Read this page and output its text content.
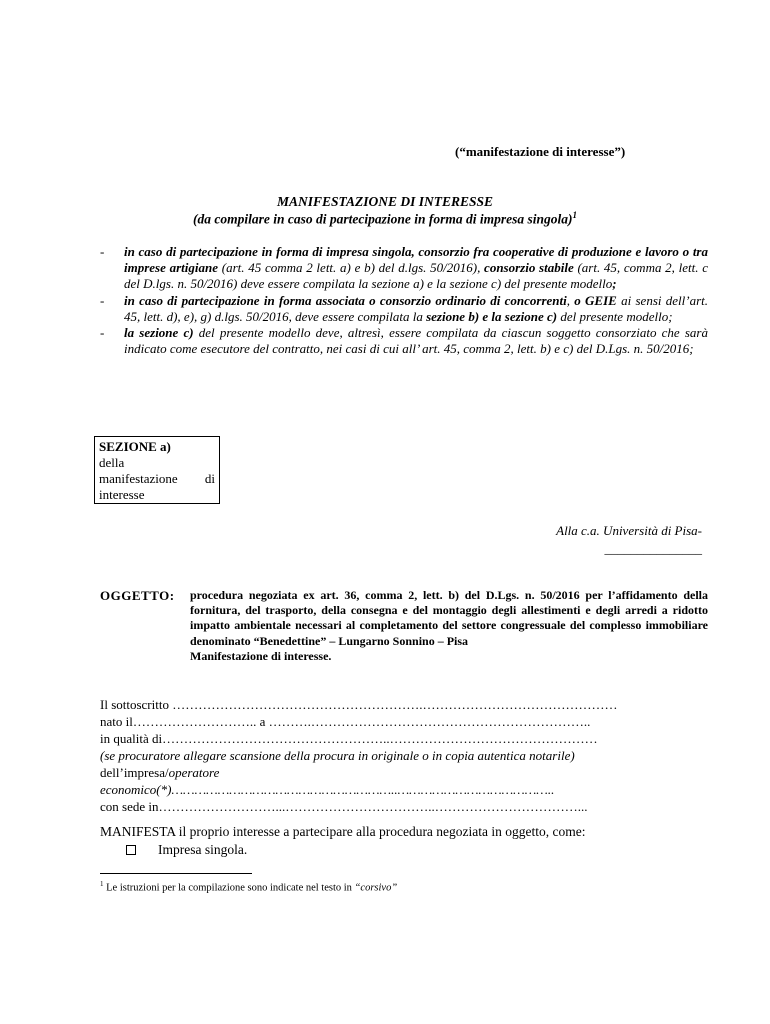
(“manifestazione di interesse”)
MANIFESTAZIONE DI INTERESSE
(da compilare in caso di partecipazione in forma di impresa singola)$^1$
-	in caso di partecipazione in forma di impresa singola, consorzio fra cooperative di produzione e lavoro o tra imprese artigiane (art. 45 comma 2 lett. a) e b) del d.lgs. 50/2016), consorzio stabile (art. 45, comma 2, lett. c del D.lgs. n. 50/2016) deve essere compilata la sezione a) e la sezione c) del presente modello;
-	in caso di partecipazione in forma associata o consorzio ordinario di concorrenti, o GEIE ai sensi dell’art. 45, lett. d), e), g) d.lgs. 50/2016, deve essere compilata la sezione b) e la sezione c) del presente modello;
-	la sezione c) del presente modello deve, altresì, essere compilata da ciascun soggetto consorziato che sarà indicato come esecutore del contratto, nei casi di cui all’ art. 45, comma 2, lett. b) e c) del D.Lgs. n. 50/2016;
SEZIONE a)
della
manifestazione di
interesse
Alla c.a. Università di Pisa-
_______________
OGGETTO: procedura negoziata ex art. 36, comma 2, lett. b) del D.Lgs. n. 50/2016 per l’affidamento della fornitura, del trasporto, della consegna e del montaggio degli allestimenti e degli arredi a ridotto impatto ambientale necessari al completamento del settore congressuale del complesso immobiliare denominato “Benedettine” – Lungarno Sonnino – Pisa
Manifestazione di interesse.
Il sottoscritto ………………………………………………….………………………………………
nato il……………………….. a ……….………………………………………………………..
in qualità di……………………………………………..…………………………………………
(se procuratore allegare scansione della procura in originale o in copia autentica notarile)
dell’impresa/operatore
economico(*)…………………………………………………..…………………………………..
con sede in………………………...……………………………..……………………………...
MANIFESTA il proprio interesse a partecipare alla procedura negoziata in oggetto, come:
Impresa singola.
$^1$ Le istruzioni per la compilazione sono indicate nel testo in “corsivo”
